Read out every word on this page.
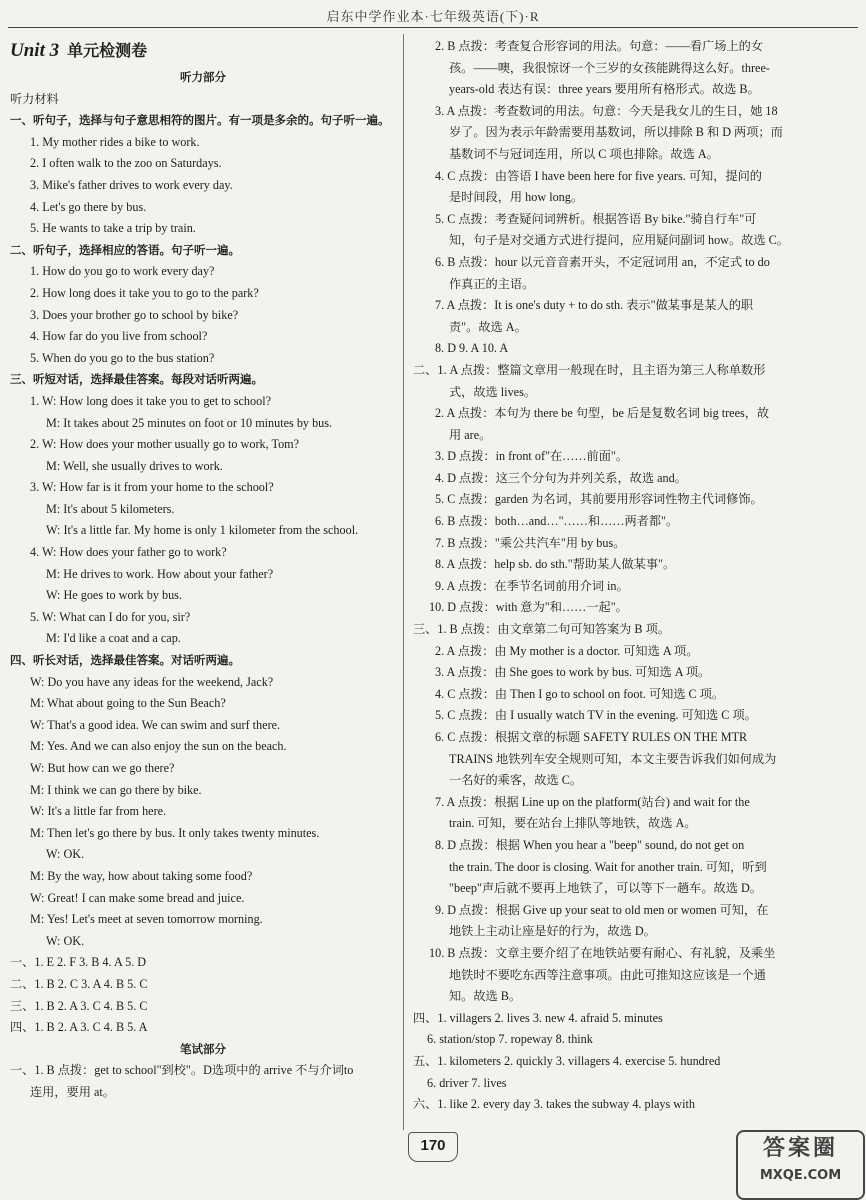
启东中学作业本·七年级英语(下)·R
Unit 3 单元检测卷
听力部分
听力材料
一、听句子，选择与句子意思相符的图片。有一项是多余的。句子听一遍。
1. My mother rides a bike to work.
2. I often walk to the zoo on Saturdays.
3. Mike's father drives to work every day.
4. Let's go there by bus.
5. He wants to take a trip by train.
二、听句子，选择相应的答语。句子听一遍。
1. How do you go to work every day?
2. How long does it take you to go to the park?
3. Does your brother go to school by bike?
4. How far do you live from school?
5. When do you go to the bus station?
三、听短对话，选择最佳答案。每段对话听两遍。
1. W: How long does it take you to get to school?
M: It takes about 25 minutes on foot or 10 minutes by bus.
2. W: How does your mother usually go to work, Tom?
M: Well, she usually drives to work.
3. W: How far is it from your home to the school?
M: It's about 5 kilometers.
W: It's a little far. My home is only 1 kilometer from the school.
4. W: How does your father go to work?
M: He drives to work. How about your father?
W: He goes to work by bus.
5. W: What can I do for you, sir?
M: I'd like a coat and a cap.
四、听长对话，选择最佳答案。对话听两遍。
W: Do you have any ideas for the weekend, Jack?
M: What about going to the Sun Beach?
W: That's a good idea. We can swim and surf there.
M: Yes. And we can also enjoy the sun on the beach.
W: But how can we go there?
M: I think we can go there by bike.
W: It's a little far from here.
M: Then let's go there by bus. It only takes twenty minutes.
W: OK.
M: By the way, how about taking some food?
W: Great! I can make some bread and juice.
M: Yes! Let's meet at seven tomorrow morning.
W: OK.
一、1. E 2. F 3. B 4. A 5. D
二、1. B 2. C 3. A 4. B 5. C
三、1. B 2. A 3. C 4. B 5. C
四、1. B 2. A 3. C 4. B 5. A
笔试部分
一、1. B 点拨：get to school"到校"。D选项中的 arrive 不与介词to
连用，要用 at。
2. B 点拨：考查复合形容词的用法。句意：——看广场上的女
孩。——噢，我很惊讶一个三岁的女孩能跳得这么好。three-
years-old 表达有误：three years 要用所有格形式。故选 B。
3. A 点拨：考查数词的用法。句意：今天是我女儿的生日，她 18
岁了。因为表示年龄需要用基数词，所以排除 B 和 D 两项；而
基数词不与冠词连用，所以 C 项也排除。故选 A。
4. C 点拨：由答语 I have been here for five years. 可知，提问的
是时间段，用 how long。
5. C 点拨：考查疑问词辨析。根据答语 By bike."骑自行车"可
知，句子是对交通方式进行提问，应用疑问副词 how。故选 C。
6. B 点拨：hour 以元音音素开头，不定冠词用 an，不定式 to do
作真正的主语。
7. A 点拨：It is one's duty + to do sth. 表示"做某事是某人的职
责"。故选 A。
8. D 9. A 10. A
二、1. A 点拨：整篇文章用一般现在时，且主语为第三人称单数形
式，故选 lives。
2. A 点拨：本句为 there be 句型，be 后是复数名词 big trees，故
用 are。
3. D 点拨：in front of"在……前面"。
4. D 点拨：这三个分句为并列关系，故选 and。
5. C 点拨：garden 为名词，其前要用形容词性物主代词修饰。
6. B 点拨：both…and…"……和……两者都"。
7. B 点拨："乘公共汽车"用 by bus。
8. A 点拨：help sb. do sth."帮助某人做某事"。
9. A 点拨：在季节名词前用介词 in。
10. D 点拨：with 意为"和……一起"。
三、1. B 点拨：由文章第二句可知答案为 B 项。
2. A 点拨：由 My mother is a doctor. 可知选 A 项。
3. A 点拨：由 She goes to work by bus. 可知选 A 项。
4. C 点拨：由 Then I go to school on foot. 可知选 C 项。
5. C 点拨：由 I usually watch TV in the evening. 可知选 C 项。
6. C 点拨：根据文章的标题 SAFETY RULES ON THE MTR
TRAINS 地铁列车安全规则可知，本文主要告诉我们如何成为
一名好的乘客，故选 C。
7. A 点拨：根据 Line up on the platform(站台) and wait for the
train. 可知，要在站台上排队等地铁，故选 A。
8. D 点拨：根据 When you hear a "beep" sound, do not get on
the train. The door is closing. Wait for another train. 可知，听到
"beep"声后就不要再上地铁了，可以等下一趟车。故选 D。
9. D 点拨：根据 Give up your seat to old men or women 可知，在
地铁上主动让座是好的行为，故选 D。
10. B 点拨：文章主要介绍了在地铁站要有耐心、有礼貌，及乘坐
地铁时不要吃东西等注意事项。由此可推知这应该是一个通
知。故选 B。
四、1. villagers 2. lives 3. new 4. afraid 5. minutes
6. station/stop 7. ropeway 8. think
五、1. kilometers 2. quickly 3. villagers 4. exercise 5. hundred
6. driver 7. lives
六、1. like 2. every day 3. takes the subway 4. plays with
170	答案圈
MXQE.COM
